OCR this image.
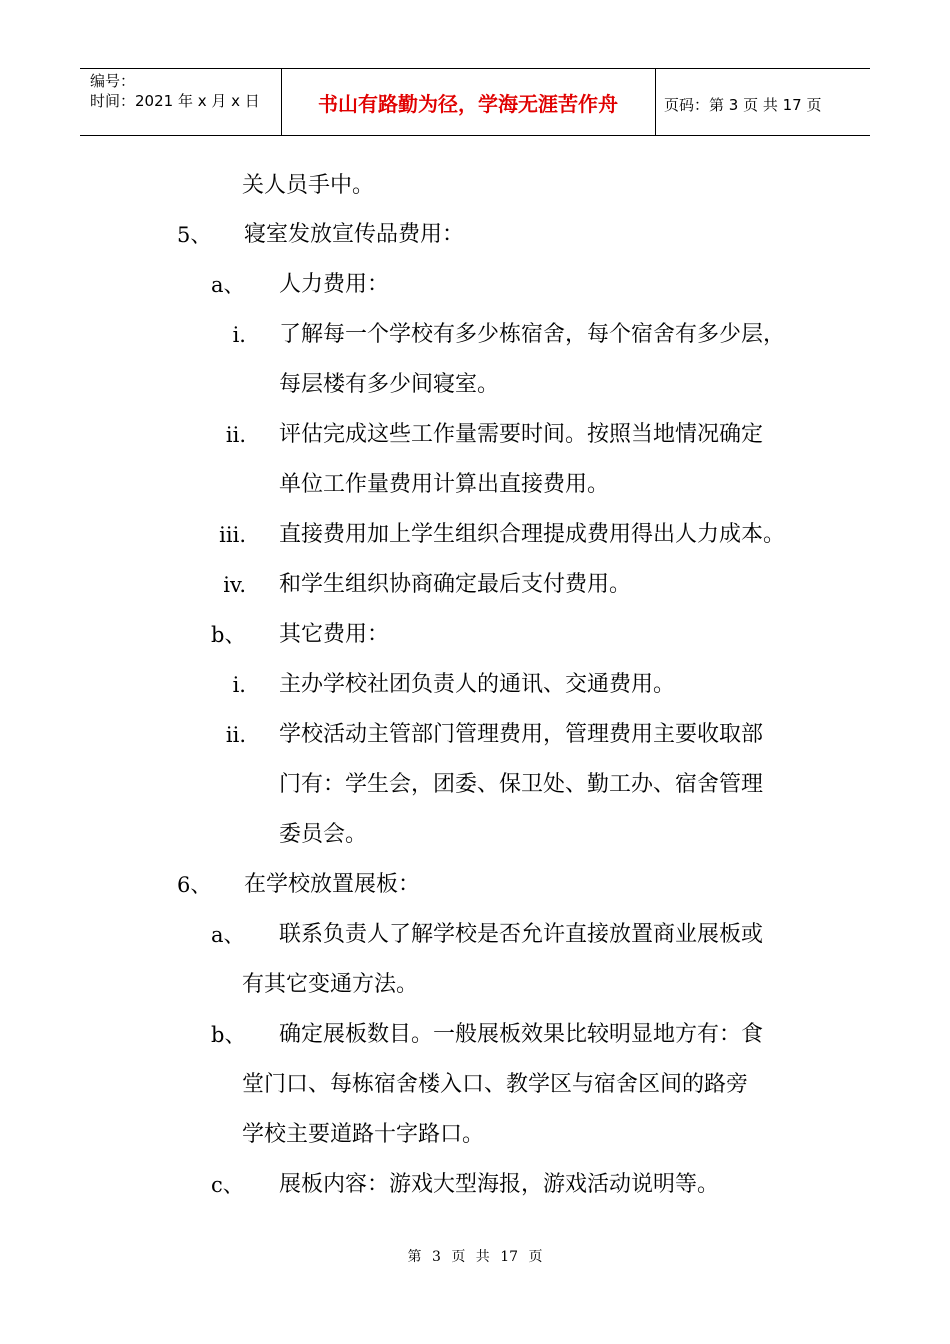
编号：
时间：2021 年 x 月 x 日	书山有路勤为径，学海无涯苦作舟	页码：第 3 页 共 17 页
关人员手中。
5、 寝室发放宣传品费用：
a、 人力费用：
i. 了解每一个学校有多少栋宿舍，每个宿舍有多少层，
每层楼有多少间寝室。
ii. 评估完成这些工作量需要时间。按照当地情况确定
单位工作量费用计算出直接费用。
iii. 直接费用加上学生组织合理提成费用得出人力成本。
iv. 和学生组织协商确定最后支付费用。
b、 其它费用：
i. 主办学校社团负责人的通讯、交通费用。
ii. 学校活动主管部门管理费用，管理费用主要收取部
门有：学生会，团委、保卫处、勤工办、宿舍管理
委员会。
6、 在学校放置展板：
a、 联系负责人了解学校是否允许直接放置商业展板或
有其它变通方法。
b、 确定展板数目。一般展板效果比较明显地方有：食
堂门口、每栋宿舍楼入口、教学区与宿舍区间的路旁
学校主要道路十字路口。
c、 展板内容：游戏大型海报，游戏活动说明等。
第 3 页 共 17 页
